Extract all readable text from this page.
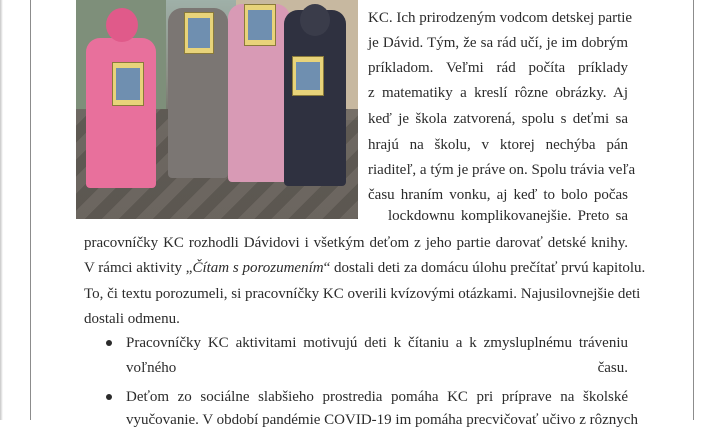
KC. Ich prirodzeným vodcom detskej partie
je Dávid. Tým, že sa rád učí, je im dobrým
príkladom. Veľmi rád počíta príklady
z matematiky a kreslí rôzne obrázky. Aj
keď je škola zatvorená, spolu s deťmi sa
hrajú na školu, v ktorej nechýba pán
riaditeľ, a tým je práve on. Spolu trávia veľa
času hraním vonku, aj keď to bolo počas
lockdownu komplikovanejšie. Preto sa
pracovníčky KC rozhodli Dávidovi i všetkým deťom z jeho partie darovať detské knihy.
V rámci aktivity „Čítam s porozumením“ dostali deti za domácu úlohu prečítať prvú kapitolu.
To, či textu porozumeli, si pracovníčky KC overili kvízovými otázkami. Najusilovnejšie deti
dostali odmenu.
Pracovníčky KC aktivitami motivujú deti k čítaniu a k zmysluplnému tráveniu
voľného času.
Deťom zo sociálne slabšieho prostredia pomáha KC pri príprave na školské
vyučovanie. V období pandémie COVID-19 im pomáha precvičovať učivo z rôznych
